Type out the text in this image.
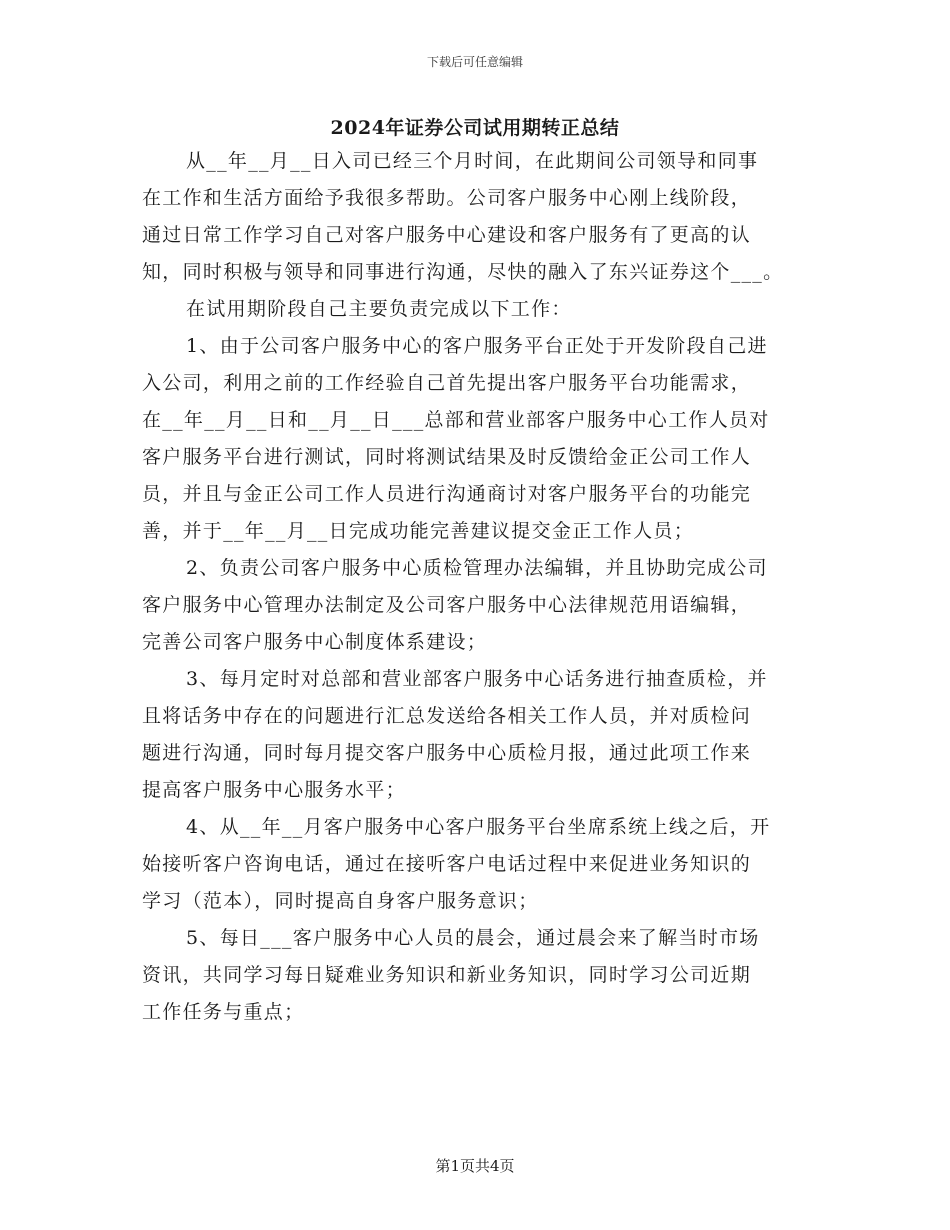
下载后可任意编辑
2024年证券公司试用期转正总结
从__年__月__日入司已经三个月时间，在此期间公司领导和同事
在工作和生活方面给予我很多帮助。公司客户服务中心刚上线阶段，
通过日常工作学习自己对客户服务中心建设和客户服务有了更高的认
知，同时积极与领导和同事进行沟通，尽快的融入了东兴证券这个___。
在试用期阶段自己主要负责完成以下工作：
1、由于公司客户服务中心的客户服务平台正处于开发阶段自己进
入公司，利用之前的工作经验自己首先提出客户服务平台功能需求，
在__年__月__日和__月__日___总部和营业部客户服务中心工作人员对
客户服务平台进行测试，同时将测试结果及时反馈给金正公司工作人
员，并且与金正公司工作人员进行沟通商讨对客户服务平台的功能完
善，并于__年__月__日完成功能完善建议提交金正工作人员；
2、负责公司客户服务中心质检管理办法编辑，并且协助完成公司
客户服务中心管理办法制定及公司客户服务中心法律规范用语编辑，
完善公司客户服务中心制度体系建设；
3、每月定时对总部和营业部客户服务中心话务进行抽查质检，并
且将话务中存在的问题进行汇总发送给各相关工作人员，并对质检问
题进行沟通，同时每月提交客户服务中心质检月报，通过此项工作来
提高客户服务中心服务水平；
4、从__年__月客户服务中心客户服务平台坐席系统上线之后，开
始接听客户咨询电话，通过在接听客户电话过程中来促进业务知识的
学习（范本），同时提高自身客户服务意识；
5、每日___客户服务中心人员的晨会，通过晨会来了解当时市场
资讯，共同学习每日疑难业务知识和新业务知识，同时学习公司近期
工作任务与重点；
第1页共4页
